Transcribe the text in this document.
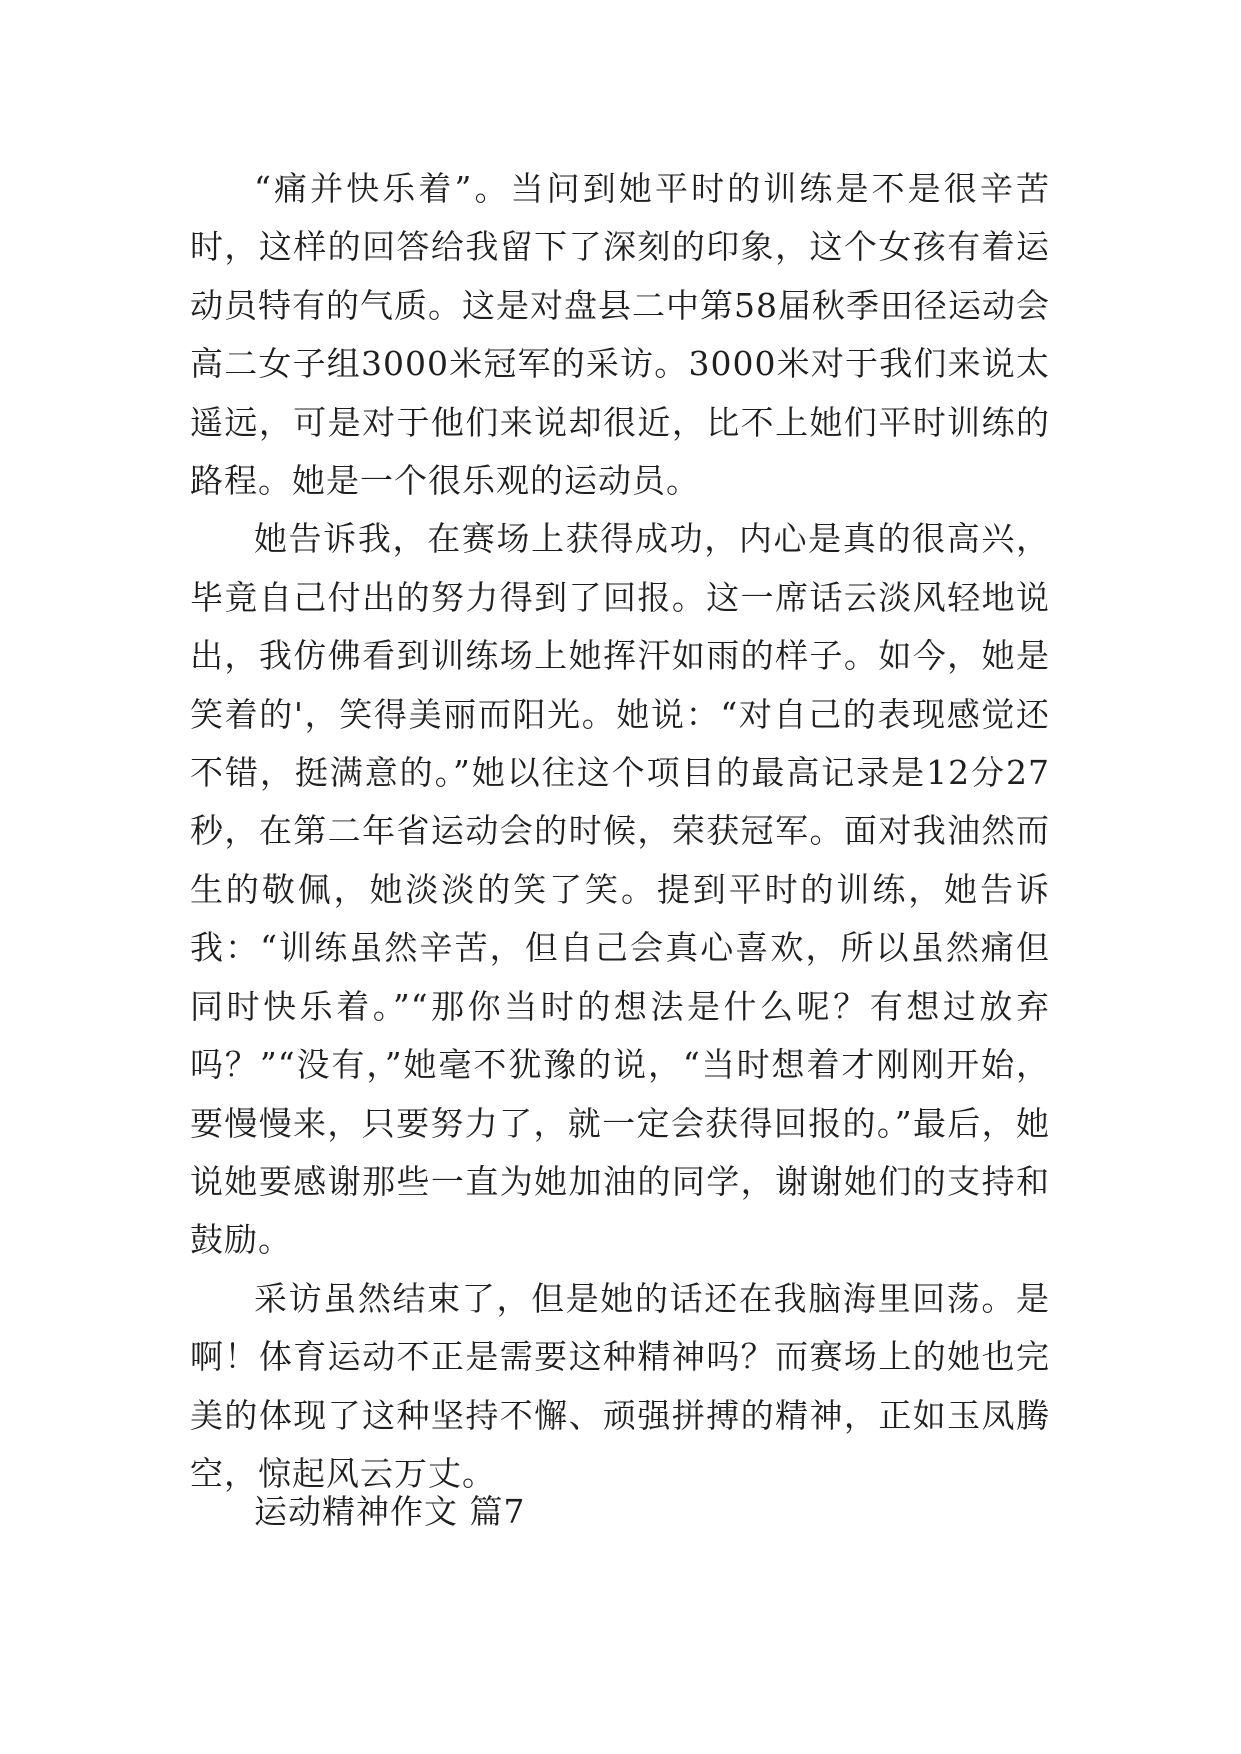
“痛并快乐着”。当问到她平时的训练是不是很辛苦时，这样的回答给我留下了深刻的印象，这个女孩有着运动员特有的气质。这是对盘县二中第58届秋季田径运动会高二女子组3000米冠军的采访。3000米对于我们来说太遥远，可是对于他们来说却很近，比不上她们平时训练的路程。她是一个很乐观的运动员。

她告诉我，在赛场上获得成功，内心是真的很高兴，毕竟自己付出的努力得到了回报。这一席话云淡风轻地说出，我仿佛看到训练场上她挥汗如雨的样子。如今，她是笑着的'，笑得美丽而阳光。她说：“对自己的表现感觉还不错，挺满意的。”她以往这个项目的最高记录是12分27秒，在第二年省运动会的时候，荣获冠军。面对我油然而生的敬佩，她淡淡的笑了笑。提到平时的训练，她告诉我：“训练虽然辛苦，但自己会真心喜欢，所以虽然痛但同时快乐着。”“那你当时的想法是什么呢？有想过放弃吗？”“没有，”她毫不犹豫的说，“当时想着才刚刚开始，要慢慢来，只要努力了，就一定会获得回报的。”最后，她说她要感谢那些一直为她加油的同学，谢谢她们的支持和鼓励。

采访虽然结束了，但是她的话还在我脑海里回荡。是啊！体育运动不正是需要这种精神吗？而赛场上的她也完美的体现了这种坚持不懈、顽强拼搏的精神，正如玉凤腾空，惊起风云万丈。

运动精神作文 篇7
